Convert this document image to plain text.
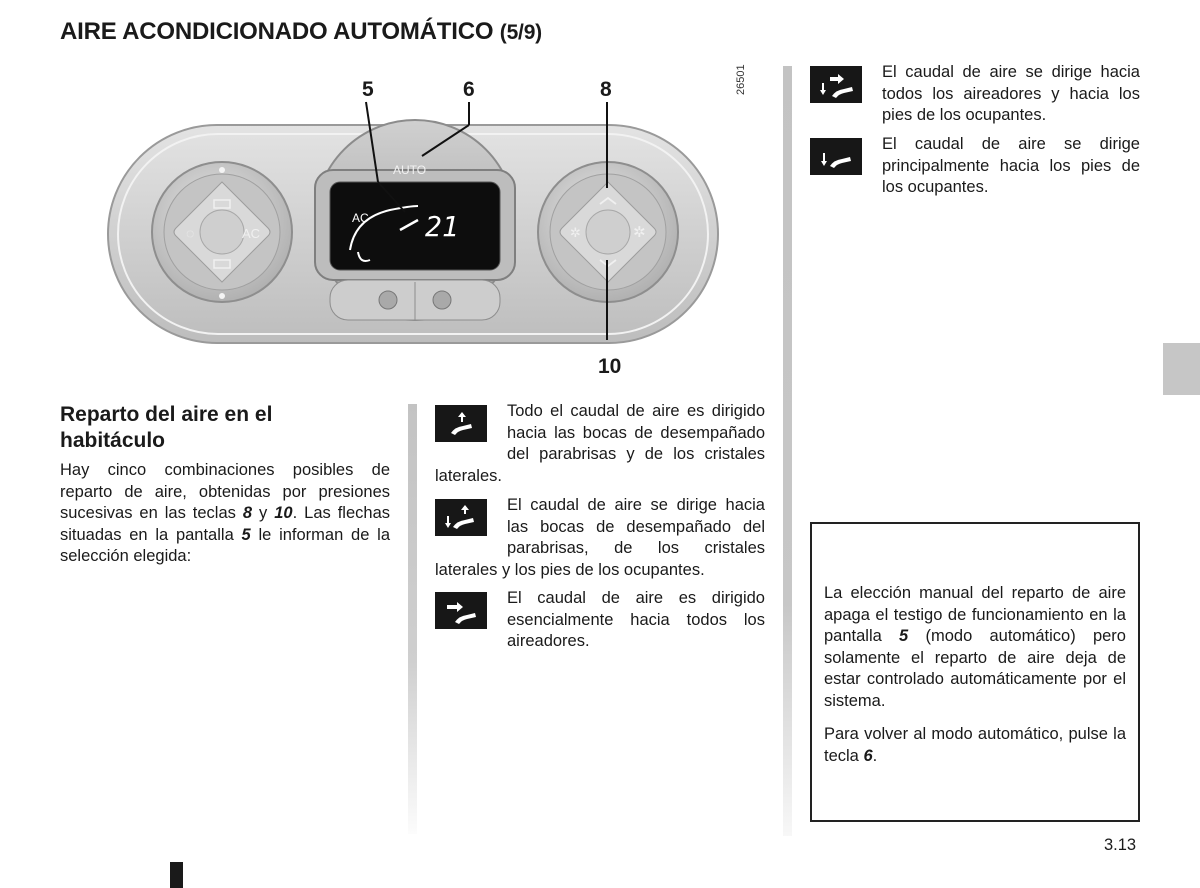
AIRE ACONDICIONADO AUTOMÁTICO (5/9)
◌	AC
AUTO
AC 21	✲	✲
5	6	8
10
26501
Reparto del aire en el habitáculo

Hay cinco combinaciones posibles de reparto de aire, obtenidas por presiones sucesivas en las teclas 8 y 10. Las flechas situadas en la pantalla 5 le informan de la selección elegida:

Todo el caudal de aire es dirigido hacia las bocas de desempañado del parabrisas y de los cristales laterales.
El caudal de aire se dirige hacia las bocas de desempañado del parabrisas, de los cristales laterales y los pies de los ocupantes.
El caudal de aire es dirigido esencialmente hacia todos los aireadores.
El caudal de aire se dirige hacia todos los aireadores y hacia los pies de los ocupantes.
El caudal de aire se dirige principalmente hacia los pies de los ocupantes.

La elección manual del reparto de aire apaga el testigo de funcionamiento en la pantalla 5 (modo automático) pero solamente el reparto de aire deja de estar controlado automáticamente por el sistema.

Para volver al modo automático, pulse la tecla 6.

3.13
